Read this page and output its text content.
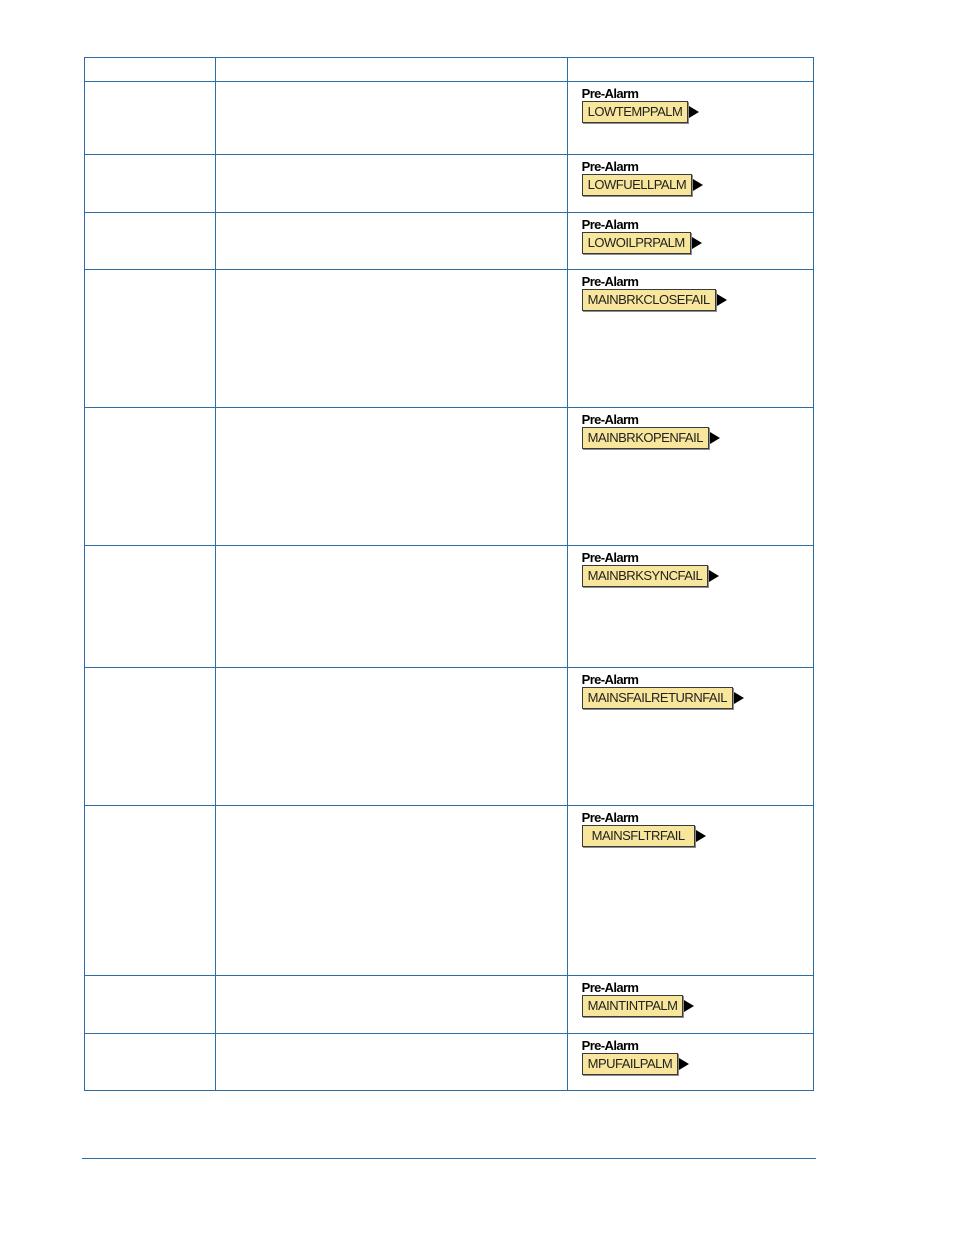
		Pre-Alarm
LOWTEMPPALM

		Pre-Alarm
LOWFUELLPALM

		Pre-Alarm
LOWOILPRPALM

		Pre-Alarm
MAINBRKCLOSEFAIL

		Pre-Alarm
MAINBRKOPENFAIL

		Pre-Alarm
MAINBRKSYNCFAIL

		Pre-Alarm
MAINSFAILRETURNFAIL

		Pre-Alarm
MAINSFLTRFAIL

		Pre-Alarm
MAINTINTPALM

		Pre-Alarm
MPUFAILPALM
